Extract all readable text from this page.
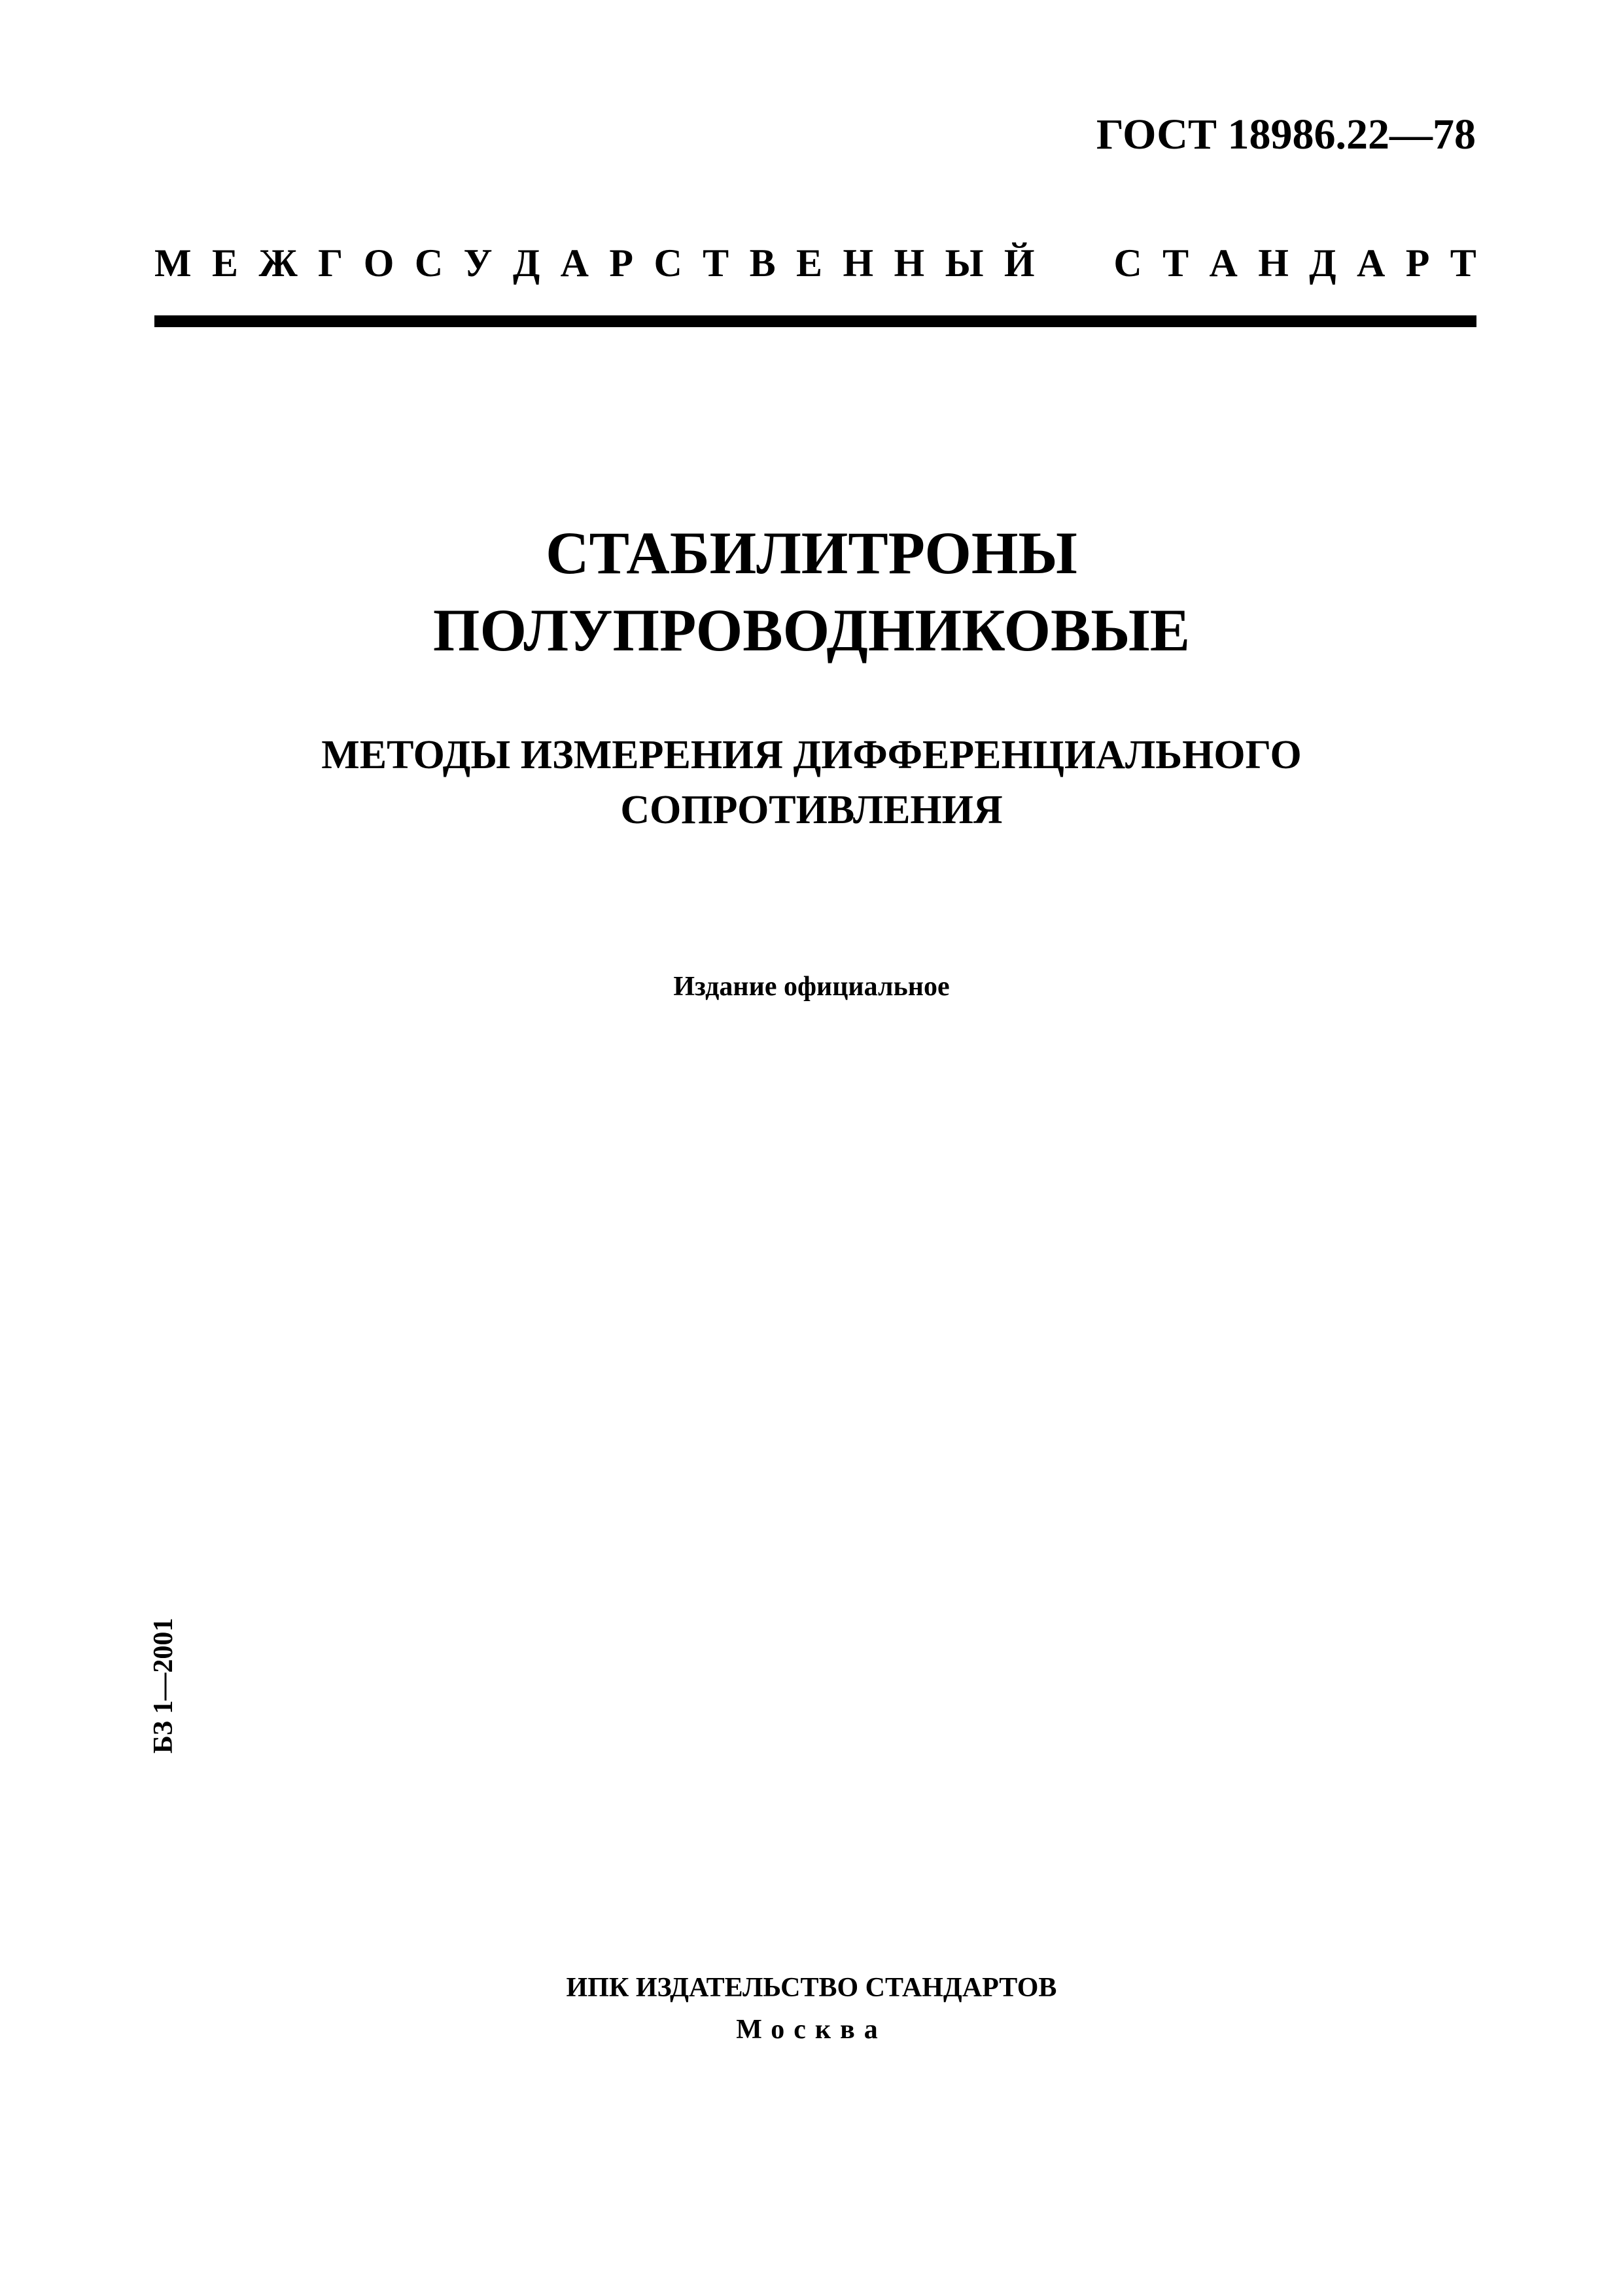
ГОСТ 18986.22—78
М Е Ж Г О С У Д А Р С Т В Е Н Н Ы Й С Т А Н Д А Р Т
СТАБИЛИТРОНЫ
ПОЛУПРОВОДНИКОВЫЕ
МЕТОДЫ ИЗМЕРЕНИЯ ДИФФЕРЕНЦИАЛЬНОГО
СОПРОТИВЛЕНИЯ
Издание официальное
БЗ 1—2001
ИПК ИЗДАТЕЛЬСТВО СТАНДАРТОВ
Москва
